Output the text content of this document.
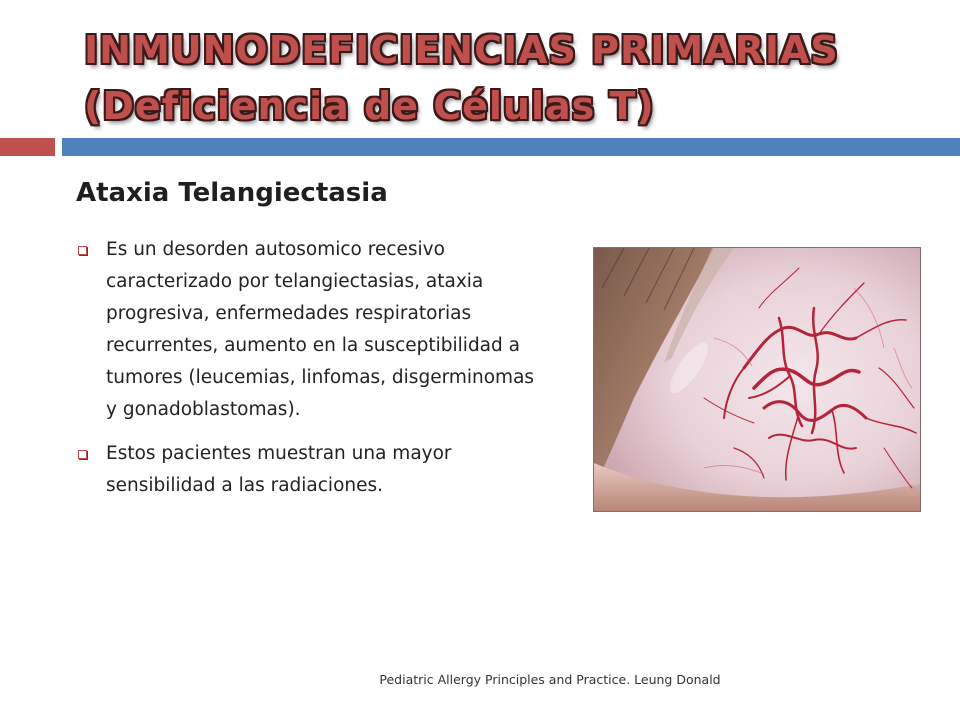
INMUNODEFICIENCIAS PRIMARIAS
(Deficiencia de Células T)
Ataxia Telangiectasia
Es un desorden autosomico recesivo caracterizado por telangiectasias, ataxia progresiva, enfermedades respiratorias recurrentes, aumento en la susceptibilidad a tumores (leucemias, linfomas, disgerminomas y gonadoblastomas).
Estos pacientes muestran una mayor sensibilidad a las radiaciones.
Pediatric Allergy Principles and Practice. Leung Donald
